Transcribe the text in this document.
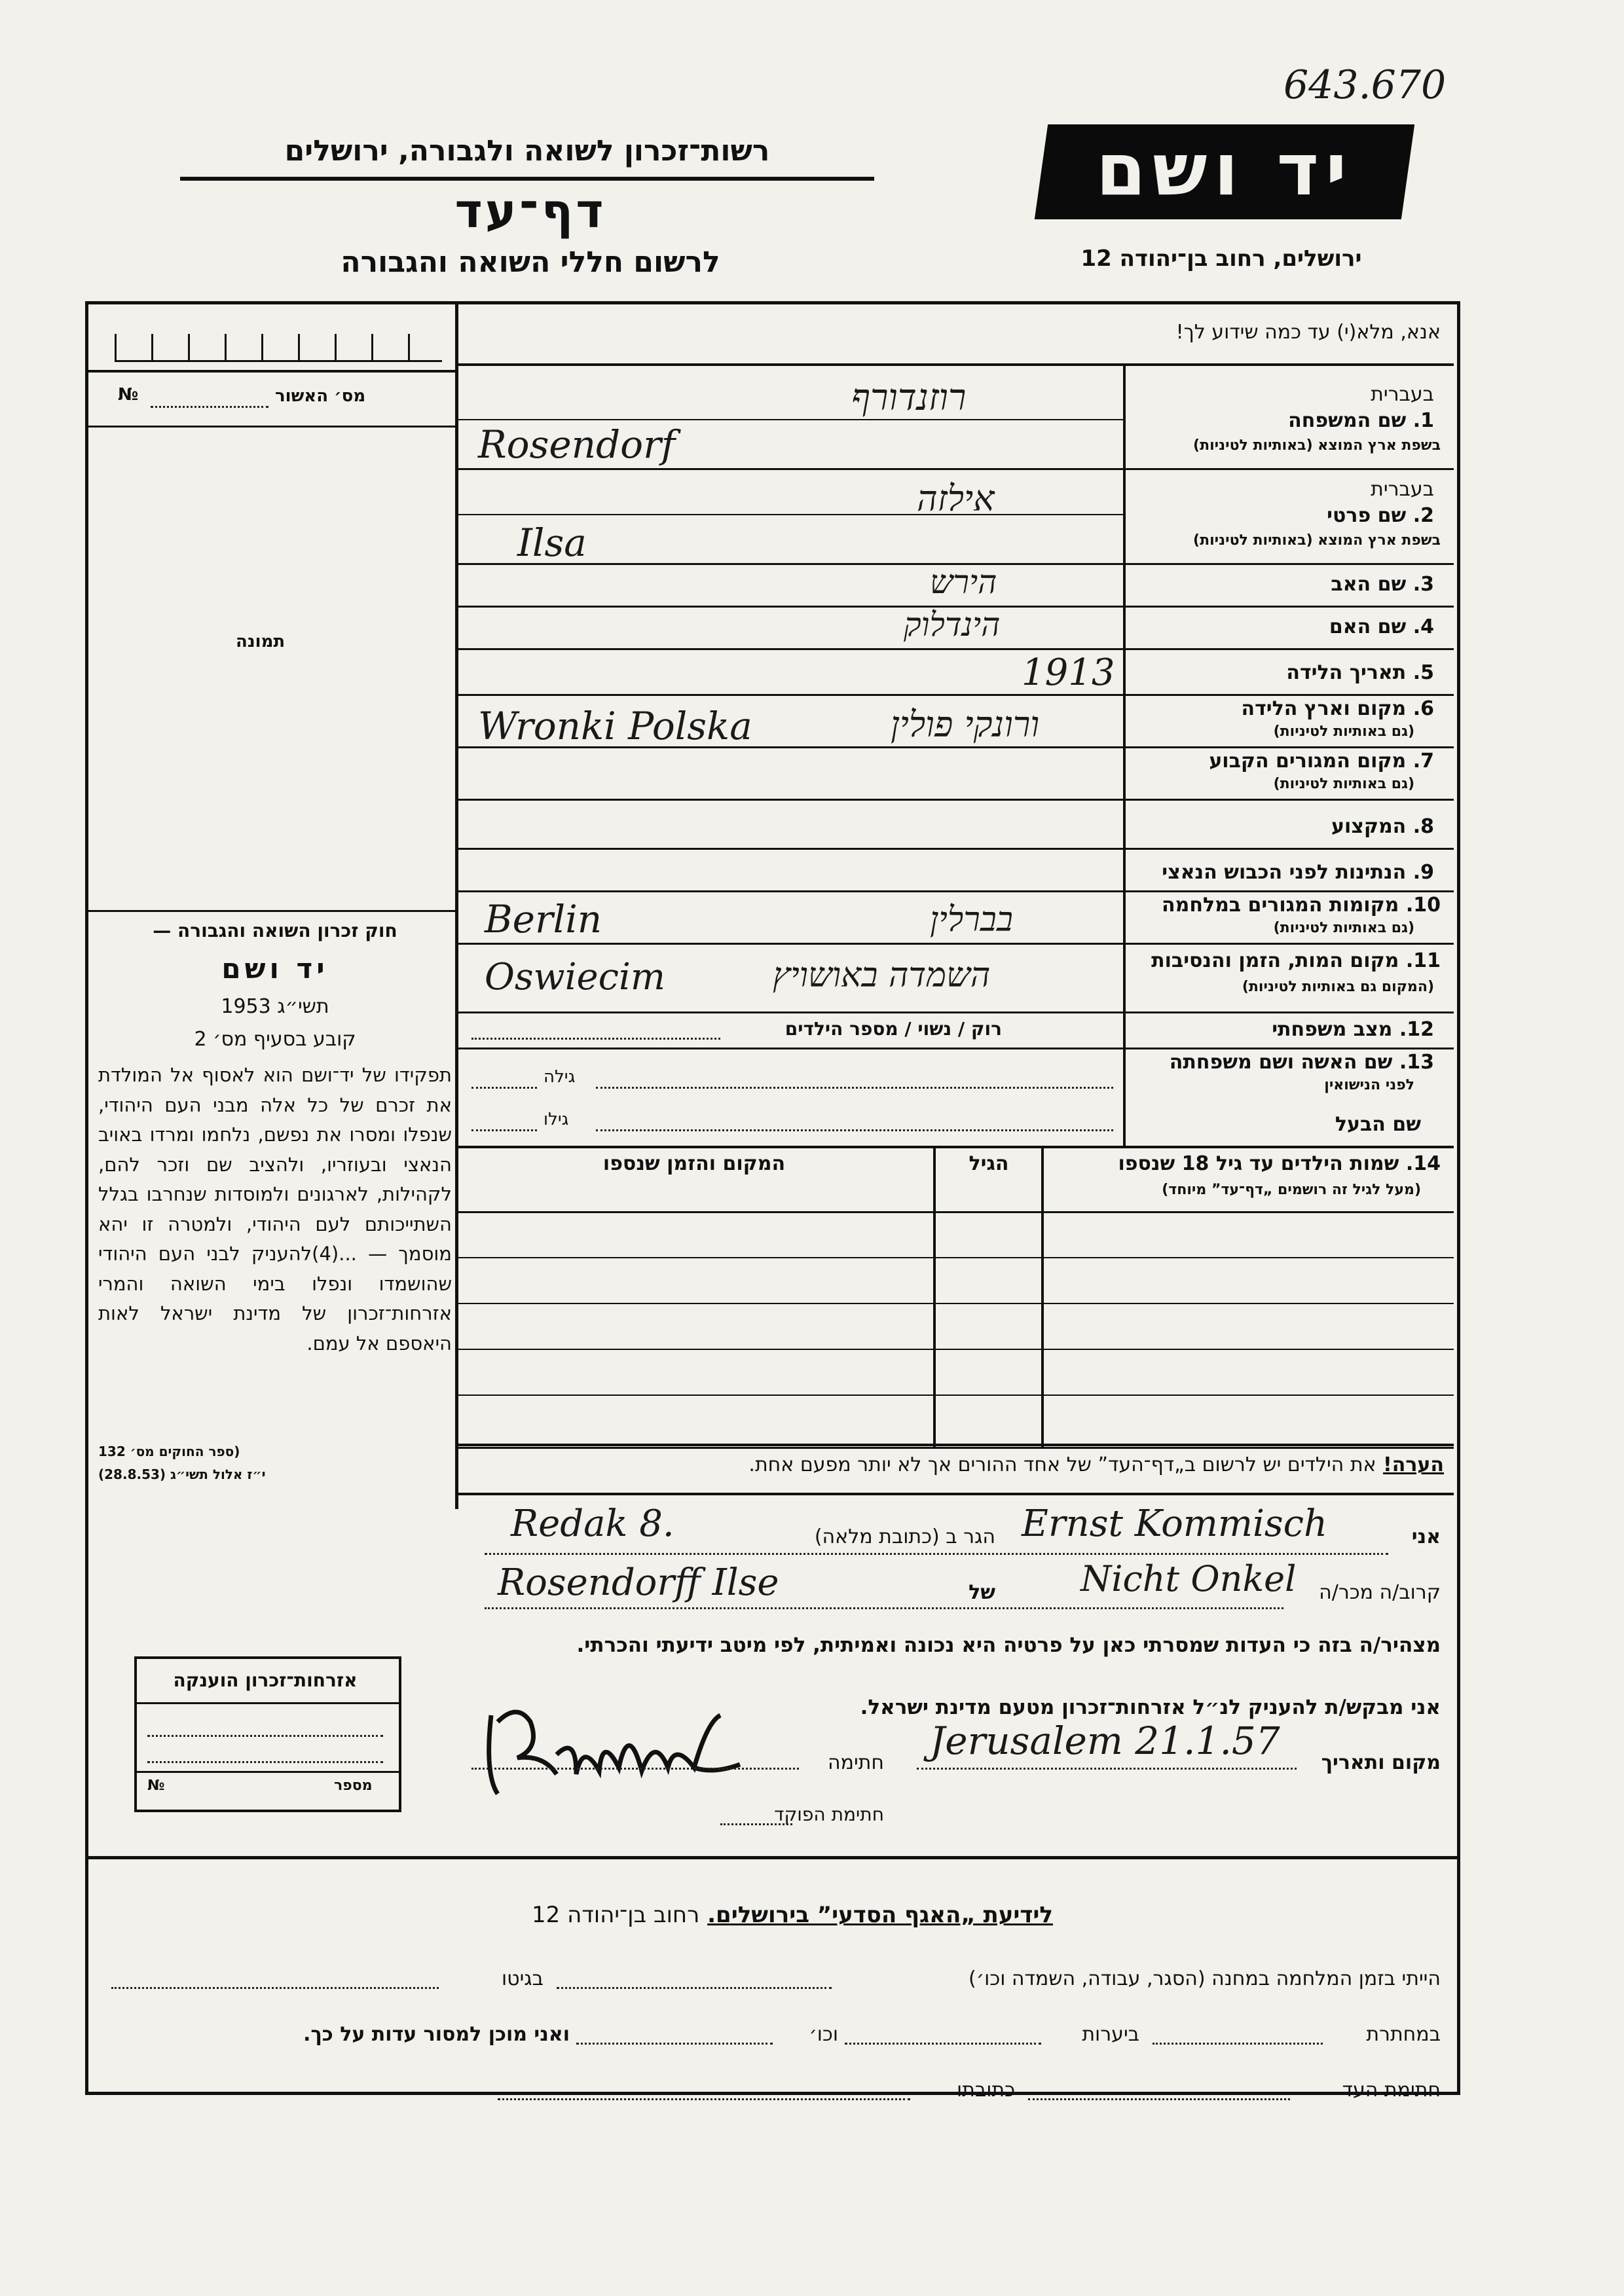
643.670
רשות־זכרון לשואה ולגבורה, ירושלים
דף־עד
לרשום חללי השואה והגבורה
יד ושם
ירושלים, רחוב בן־יהודה 12
מס׳ האשור
№
תמונה
חוק זכרון השואה והגבורה —
יד ושם
תשי״ג 1953
קובע בסעיף מס׳ 2
תפקידו של יד־ושם הוא לאסוף אל המולדת את זכרם של כל אלה מבני העם היהודי, שנפלו ומסרו את נפשם, נלחמו ומרדו באויב הנאצי ובעוזריו, ולהציב שם וזכר להם, לקהילות, לארגונים ולמוסדות שנחרבו בגלל השתייכותם לעם היהודי, ולמטרה זו יהא מוסמך — ...(4)להעניק לבני העם היהודי שהושמדו ונפלו בימי השואה והמרי אזרחות־זכרון של מדינת ישראל לאות היאספם אל עמם.
(ספר החוקים מס׳ 132
י״ז אלול תשי״ג (28.8.53)
אזרחות־זכרון הוענקה
№	מספר
אנא, מלא(י) עד כמה שידוע לך!
בעברית
1. שם המשפחה
בשפת ארץ המוצא (באותיות לטיניות)
רוזנדורף
Rosendorf
בעברית
2. שם פרטי
בשפת ארץ המוצא (באותיות לטיניות)
אילזה
Ilsa
3. שם האב
הירש
4. שם האם
הינדלוק
5. תאריך הלידה
1913
6. מקום וארץ הלידה
(גם באותיות לטיניות)
ורונקי פולין
Wronki Polska
7. מקום המגורים הקבוע
(גם באותיות לטיניות)
8. המקצוע
9. הנתינות לפני הכבוש הנאצי
10. מקומות המגורים במלחמה
(גם באותיות לטיניות)
בברלין
Berlin
11. מקום המות, הזמן והנסיבות
(המקום גם באותיות לטיניות)
השמדה באושויץ
Oswiecim
12. מצב משפחתי
רוק / נשוי / מספר הילדים
13. שם האשה ושם משפחתה
לפני הנישואין
גילה
שם הבעל
גילו
14. שמות הילדים עד גיל 18 שנספו
(מעל לגיל זה רושמים „דף־עד” מיוחד)
הגיל
המקום והזמן שנספו
הערה! את הילדים יש לרשום ב„דף־העד” של אחד ההורים אך לא יותר מפעם אחת.
אני
Ernst Kommisch
הגר ב (כתובת מלאה)
Redak 8.
קרוב/ה מכר/ה
Nicht Onkel
של
Rosendorff Ilse
מצהיר/ה בזה כי העדות שמסרתי כאן על פרטיה היא נכונה ואמיתית, לפי מיטב ידיעתי והכרתי.
אני מבקש/ת להעניק לנ״ל אזרחות־זכרון מטעם מדינת ישראל.
מקום ותאריך
Jerusalem 21.1.57
חתימה
חתימת הפוקד
לידיעת „האגף הסדעי” בירושלים. רחוב בן־יהודה 12
הייתי בזמן המלחמה במחנה (הסגר, עבודה, השמדה וכו׳)
בגיטו
במחתרת
ביערות
וכו׳
ואני מוכן למסור עדות על כך.
חתימת העד
כתובתו
